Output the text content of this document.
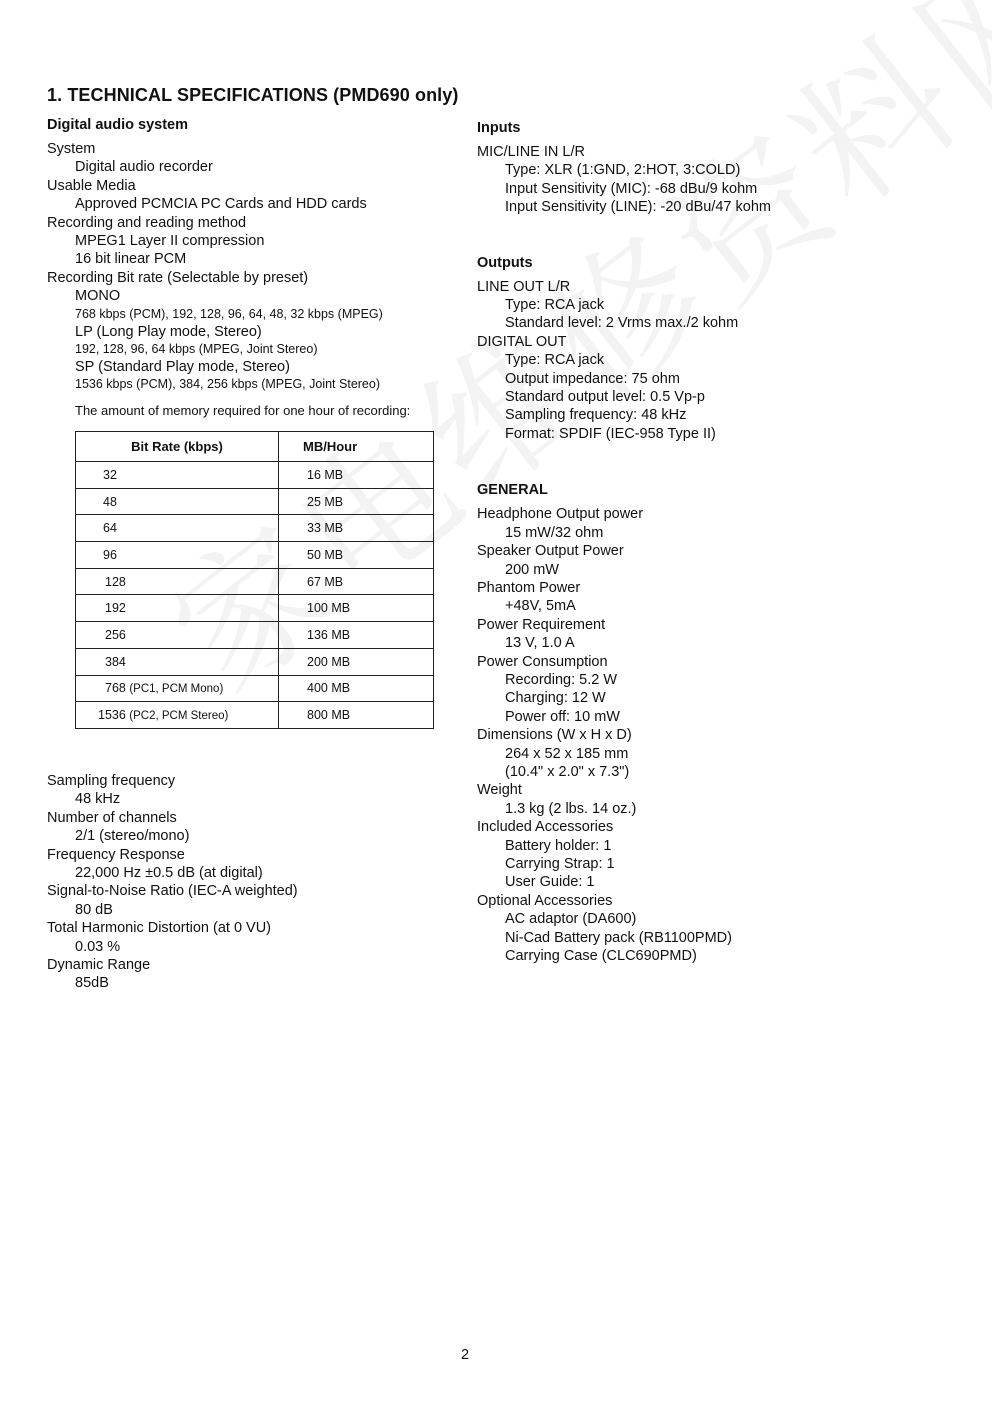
1. TECHNICAL SPECIFICATIONS (PMD690 only)
Digital audio system
System
Digital audio recorder
Usable Media
Approved PCMCIA PC Cards and HDD cards
Recording and reading method
MPEG1 Layer II compression
16 bit linear PCM
Recording Bit rate (Selectable by preset)
MONO
768 kbps (PCM), 192, 128, 96, 64, 48, 32 kbps (MPEG)
LP (Long Play mode, Stereo)
192, 128, 96, 64 kbps (MPEG, Joint Stereo)
SP (Standard Play mode, Stereo)
1536 kbps (PCM), 384, 256 kbps (MPEG, Joint Stereo)
The amount of memory required for one hour of recording:
Bit Rate (kbps)	MB/Hour
32	16 MB
48	25 MB
64	33 MB
96	50 MB
128	67 MB
192	100 MB
256	136 MB
384	200 MB
768 (PC1, PCM Mono)	400 MB
1536 (PC2, PCM Stereo)	800 MB
Sampling frequency
48 kHz
Number of channels
2/1 (stereo/mono)
Frequency Response
22,000 Hz ±0.5 dB (at digital)
Signal-to-Noise Ratio (IEC-A weighted)
80 dB
Total Harmonic Distortion (at 0 VU)
0.03 %
Dynamic Range
85dB
Inputs
MIC/LINE IN L/R
Type: XLR (1:GND, 2:HOT, 3:COLD)
Input Sensitivity (MIC): -68 dBu/9 kohm
Input Sensitivity (LINE): -20 dBu/47 kohm
Outputs
LINE OUT L/R
Type: RCA jack
Standard level: 2 Vrms max./2 kohm
DIGITAL OUT
Type: RCA jack
Output impedance: 75 ohm
Standard output level: 0.5 Vp-p
Sampling frequency: 48 kHz
Format: SPDIF (IEC-958 Type II)
GENERAL
Headphone Output power
15 mW/32 ohm
Speaker Output Power
200 mW
Phantom Power
+48V, 5mA
Power Requirement
13 V, 1.0 A
Power Consumption
Recording: 5.2 W
Charging: 12 W
Power off: 10 mW
Dimensions (W x H x D)
264 x 52 x 185 mm
(10.4" x 2.0" x 7.3")
Weight
1.3 kg (2 lbs. 14 oz.)
Included Accessories
Battery holder: 1
Carrying Strap: 1
User Guide: 1
Optional Accessories
AC adaptor (DA600)
Ni-Cad Battery pack (RB1100PMD)
Carrying Case (CLC690PMD)
2
